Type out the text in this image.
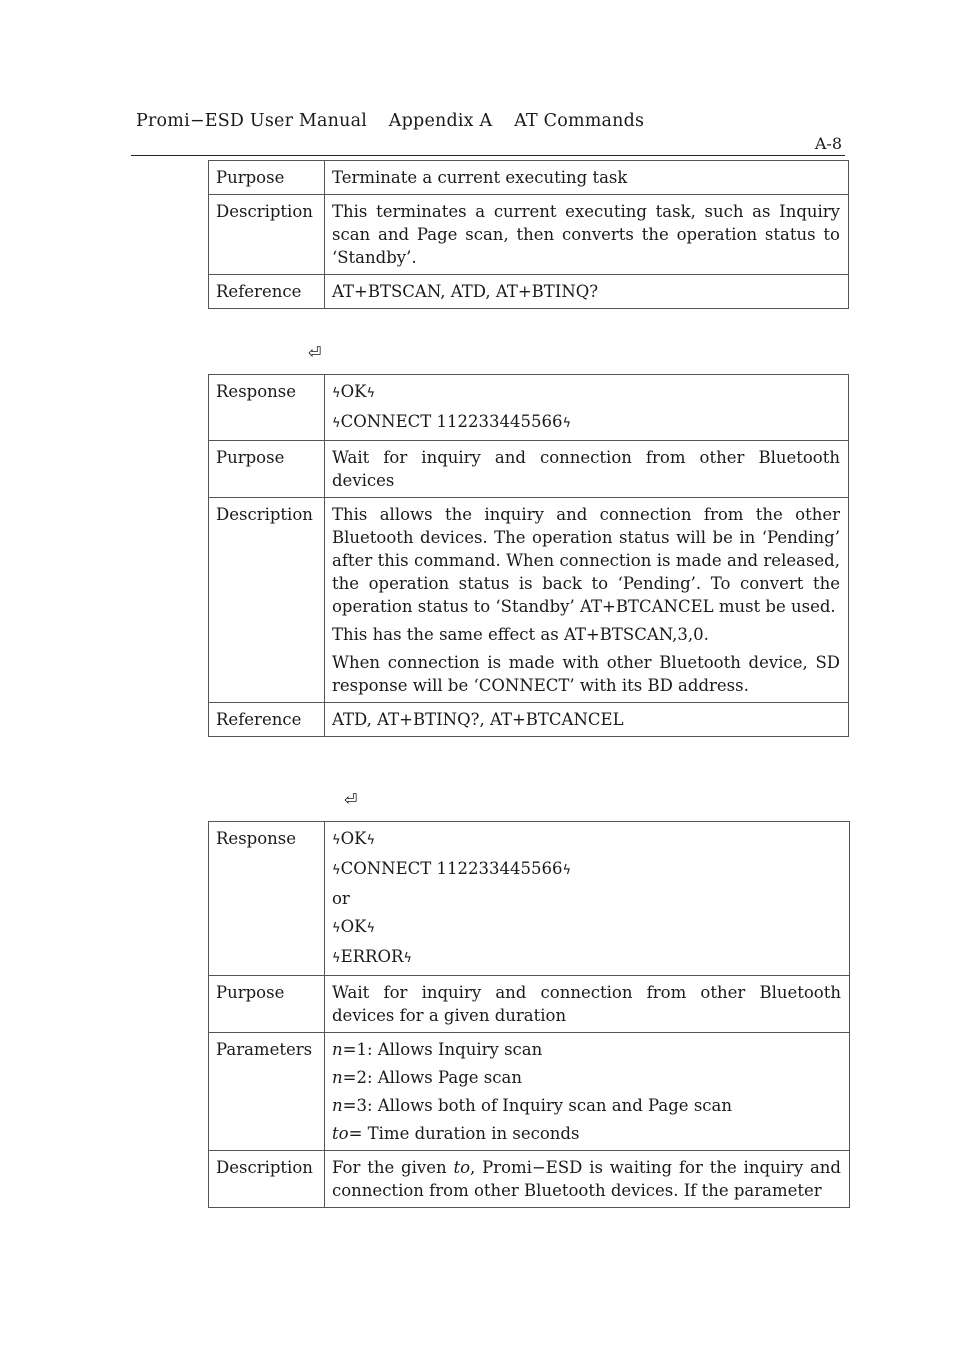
Promi−ESD User Manual Appendix A AT Commands
A-8
Purpose	Terminate a current executing task
Description	This terminates a current executing task, such as Inquiry scan and Page scan, then converts the operation status to ‘Standby’.
Reference	AT+BTSCAN, ATD, AT+BTINQ?
⏎
Response	ϟOKϟ

ϟCONNECT 112233445566ϟ

Purpose	Wait for inquiry and connection from other Bluetooth devices
Description	This allows the inquiry and connection from the other Bluetooth devices. The operation status will be in ‘Pending’ after this command. When connection is made and released, the operation status is back to ‘Pending’. To convert the operation status to ‘Standby’ AT+BTCANCEL must be used.

This has the same effect as AT+BTSCAN,3,0.

When connection is made with other Bluetooth device, SD response will be ‘CONNECT’ with its BD address.

Reference	ATD, AT+BTINQ?, AT+BTCANCEL
⏎
Response	ϟOKϟ

ϟCONNECT 112233445566ϟ

or

ϟOKϟ

ϟERRORϟ

Purpose	Wait for inquiry and connection from other Bluetooth devices for a given duration
Parameters	n=1: Allows Inquiry scan

n=2: Allows Page scan

n=3: Allows both of Inquiry scan and Page scan

to= Time duration in seconds

Description	For the given to, Promi−ESD is waiting for the inquiry and connection from other Bluetooth devices. If the parameter
